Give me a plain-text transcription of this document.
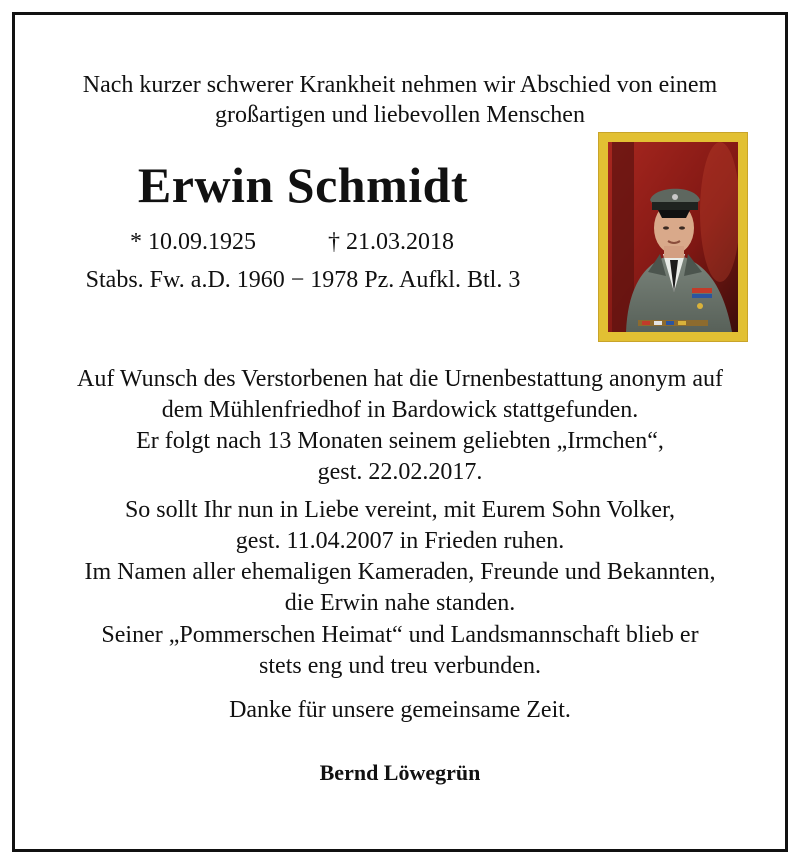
Nach kurzer schwerer Krankheit nehmen wir Abschied von einem
großartigen und liebevollen Menschen
Erwin Schmidt
* 10.09.1925	† 21.03.2018
Stabs. Fw. a.D. 1960 − 1978 Pz. Aufkl. Btl. 3
Auf Wunsch des Verstorbenen hat die Urnenbestattung anonym auf
dem Mühlenfriedhof in Bardowick stattgefunden.
Er folgt nach 13 Monaten seinem geliebten „Irmchen“,
gest. 22.02.2017.
So sollt Ihr nun in Liebe vereint, mit Eurem Sohn Volker,
gest. 11.04.2007 in Frieden ruhen.
Im Namen aller ehemaligen Kameraden, Freunde und Bekannten,
die Erwin nahe standen.
Seiner „Pommerschen Heimat“ und Landsmannschaft blieb er
stets eng und treu verbunden.
Danke für unsere gemeinsame Zeit.
Bernd Löwegrün
